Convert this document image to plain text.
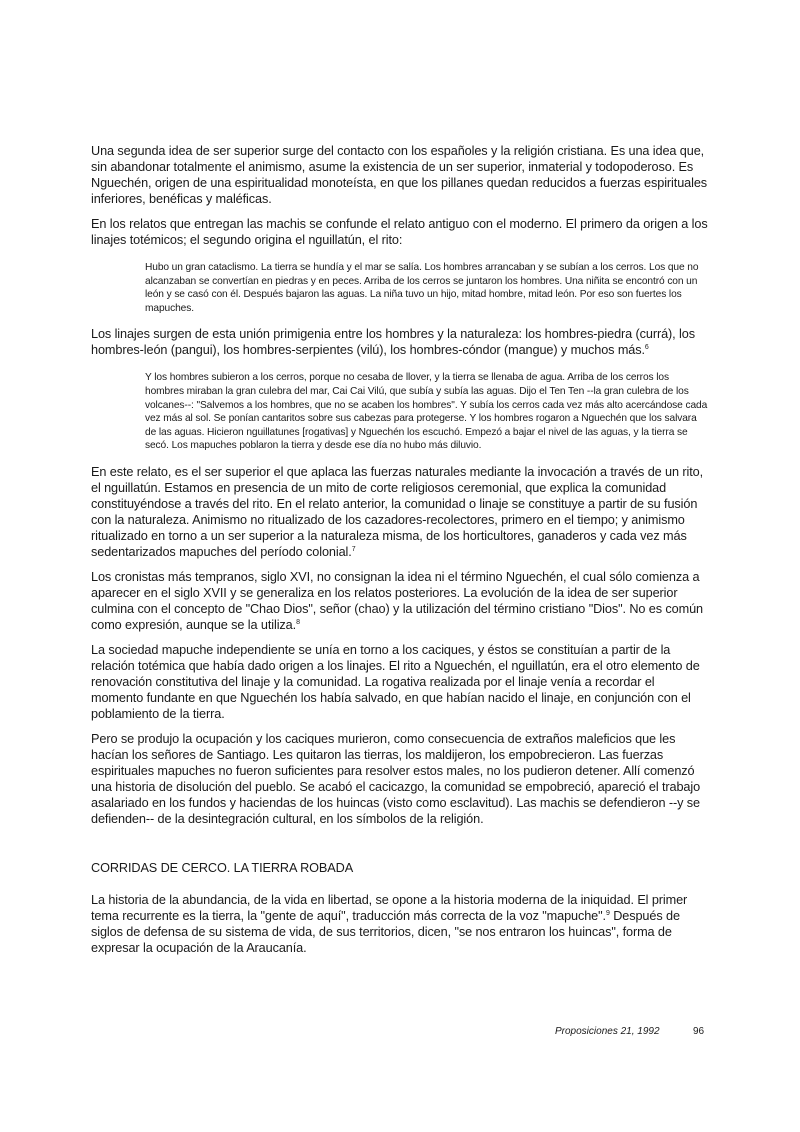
Una segunda idea de ser superior surge del contacto con los españoles y la religión cristiana. Es una idea que, sin abandonar totalmente el animismo, asume la existencia de un ser superior, inmaterial y todopoderoso. Es Nguechén, origen de una espiritualidad monoteísta, en que los pillanes quedan reducidos a fuerzas espirituales inferiores, benéficas y maléficas.

En los relatos que entregan las machis se confunde el relato antiguo con el moderno. El primero da origen a los linajes totémicos; el segundo origina el nguillatún, el rito:

Hubo un gran cataclismo. La tierra se hundía y el mar se salía. Los hombres arrancaban y se subían a los cerros. Los que no alcanzaban se convertían en piedras y en peces. Arriba de los cerros se juntaron los hombres. Una niñita se encontró con un león y se casó con él. Después bajaron las aguas. La niña tuvo un hijo, mitad hombre, mitad león. Por eso son fuertes los mapuches.

Los linajes surgen de esta unión primigenia entre los hombres y la naturaleza: los hombres-piedra (currá), los hombres-león (pangui), los hombres-serpientes (vilú), los hombres-cóndor (mangue) y muchos más.$^6$

Y los hombres subieron a los cerros, porque no cesaba de llover, y la tierra se llenaba de agua. Arriba de los cerros los hombres miraban la gran culebra del mar, Cai Cai Vilú, que subía y subía las aguas. Dijo el Ten Ten --la gran culebra de los volcanes--: "Salvemos a los hombres, que no se acaben los hombres". Y subía los cerros cada vez más alto acercándose cada vez más al sol. Se ponían cantaritos sobre sus cabezas para protegerse. Y los hombres rogaron a Nguechén que los salvara de las aguas. Hicieron nguillatunes [rogativas] y Nguechén los escuchó. Empezó a bajar el nivel de las aguas, y la tierra se secó. Los mapuches poblaron la tierra y desde ese día no hubo más diluvio.

En este relato, es el ser superior el que aplaca las fuerzas naturales mediante la invocación a través de un rito, el nguillatún. Estamos en presencia de un mito de corte religiosos ceremonial, que explica la comunidad constituyéndose a través del rito. En el relato anterior, la comunidad o linaje se constituye a partir de su fusión con la naturaleza. Animismo no ritualizado de los cazadores-recolectores, primero en el tiempo; y animismo ritualizado en torno a un ser superior a la naturaleza misma, de los horticultores, ganaderos y cada vez más sedentarizados mapuches del período colonial.$^7$

Los cronistas más tempranos, siglo XVI, no consignan la idea ni el término Nguechén, el cual sólo comienza a aparecer en el siglo XVII y se generaliza en los relatos posteriores. La evolución de la idea de ser superior culmina con el concepto de "Chao Dios", señor (chao) y la utilización del término cristiano "Dios". No es común como expresión, aunque se la utiliza.$^8$

La sociedad mapuche independiente se unía en torno a los caciques, y éstos se constituían a partir de la relación totémica que había dado origen a los linajes. El rito a Nguechén, el nguillatún, era el otro elemento de renovación constitutiva del linaje y la comunidad. La rogativa realizada por el linaje venía a recordar el momento fundante en que Nguechén los había salvado, en que habían nacido el linaje, en conjunción con el poblamiento de la tierra.

Pero se produjo la ocupación y los caciques murieron, como consecuencia de extraños maleficios que les hacían los señores de Santiago. Les quitaron las tierras, los maldijeron, los empobrecieron. Las fuerzas espirituales mapuches no fueron suficientes para resolver estos males, no los pudieron detener. Allí comenzó una historia de disolución del pueblo. Se acabó el cacicazgo, la comunidad se empobreció, apareció el trabajo asalariado en los fundos y haciendas de los huincas (visto como esclavitud). Las machis se defendieron --y se defienden-- de la desintegración cultural, en los símbolos de la religión.

CORRIDAS DE CERCO. LA TIERRA ROBADA

La historia de la abundancia, de la vida en libertad, se opone a la historia moderna de la iniquidad. El primer tema recurrente es la tierra, la "gente de aquí", traducción más correcta de la voz "mapuche".$^9$ Después de siglos de defensa de su sistema de vida, de sus territorios, dicen, "se nos entraron los huincas", forma de expresar la ocupación de la Araucanía.

Proposiciones 21, 1992	96
